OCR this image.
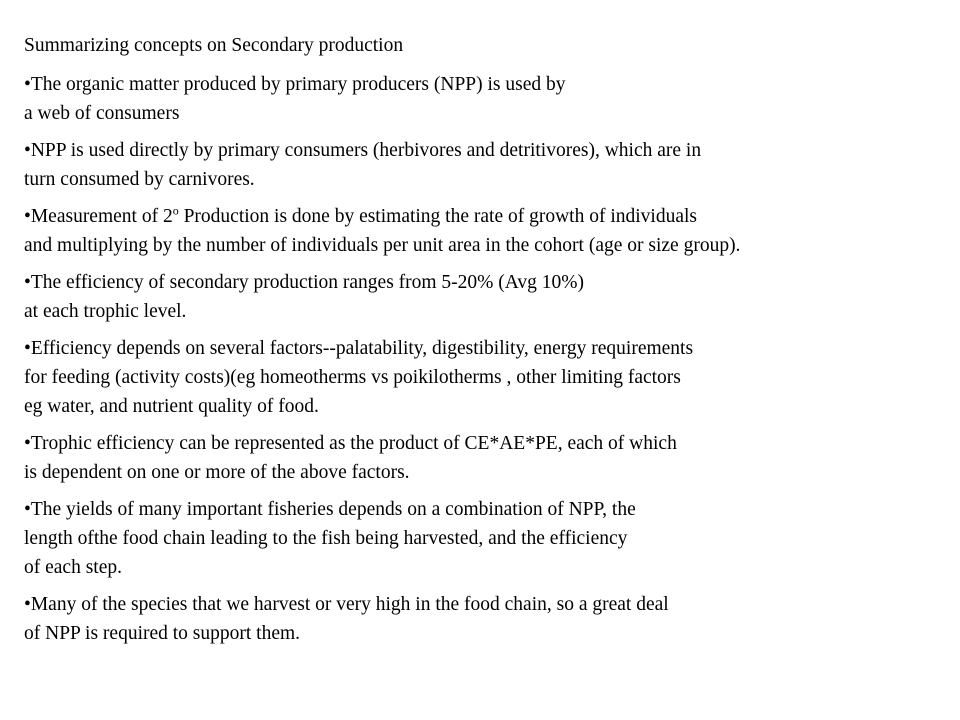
Summarizing concepts on Secondary production
•The organic matter produced by primary producers (NPP) is used by
a web of consumers
•NPP is used directly by primary consumers (herbivores and detritivores), which are in
turn consumed by carnivores.
•Measurement of 2$^o$ Production is done by estimating the rate of growth of individuals
and multiplying by the number of individuals per unit area in the cohort (age or size group).
•The efficiency of secondary production ranges from 5-20% (Avg 10%)
at each trophic level.
•Efficiency depends on several factors--palatability, digestibility, energy requirements
for feeding (activity costs)(eg homeotherms vs poikilotherms , other limiting factors
eg water, and nutrient quality of food.
•Trophic efficiency can be represented as the product of CE*AE*PE, each of which
is dependent on one or more of the above factors.
•The yields of many important fisheries depends on a combination of NPP, the
length ofthe food chain leading to the fish being harvested, and the efficiency
of each step.
•Many of the species that we harvest or very high in the food chain, so a great deal
of NPP is required to support them.
